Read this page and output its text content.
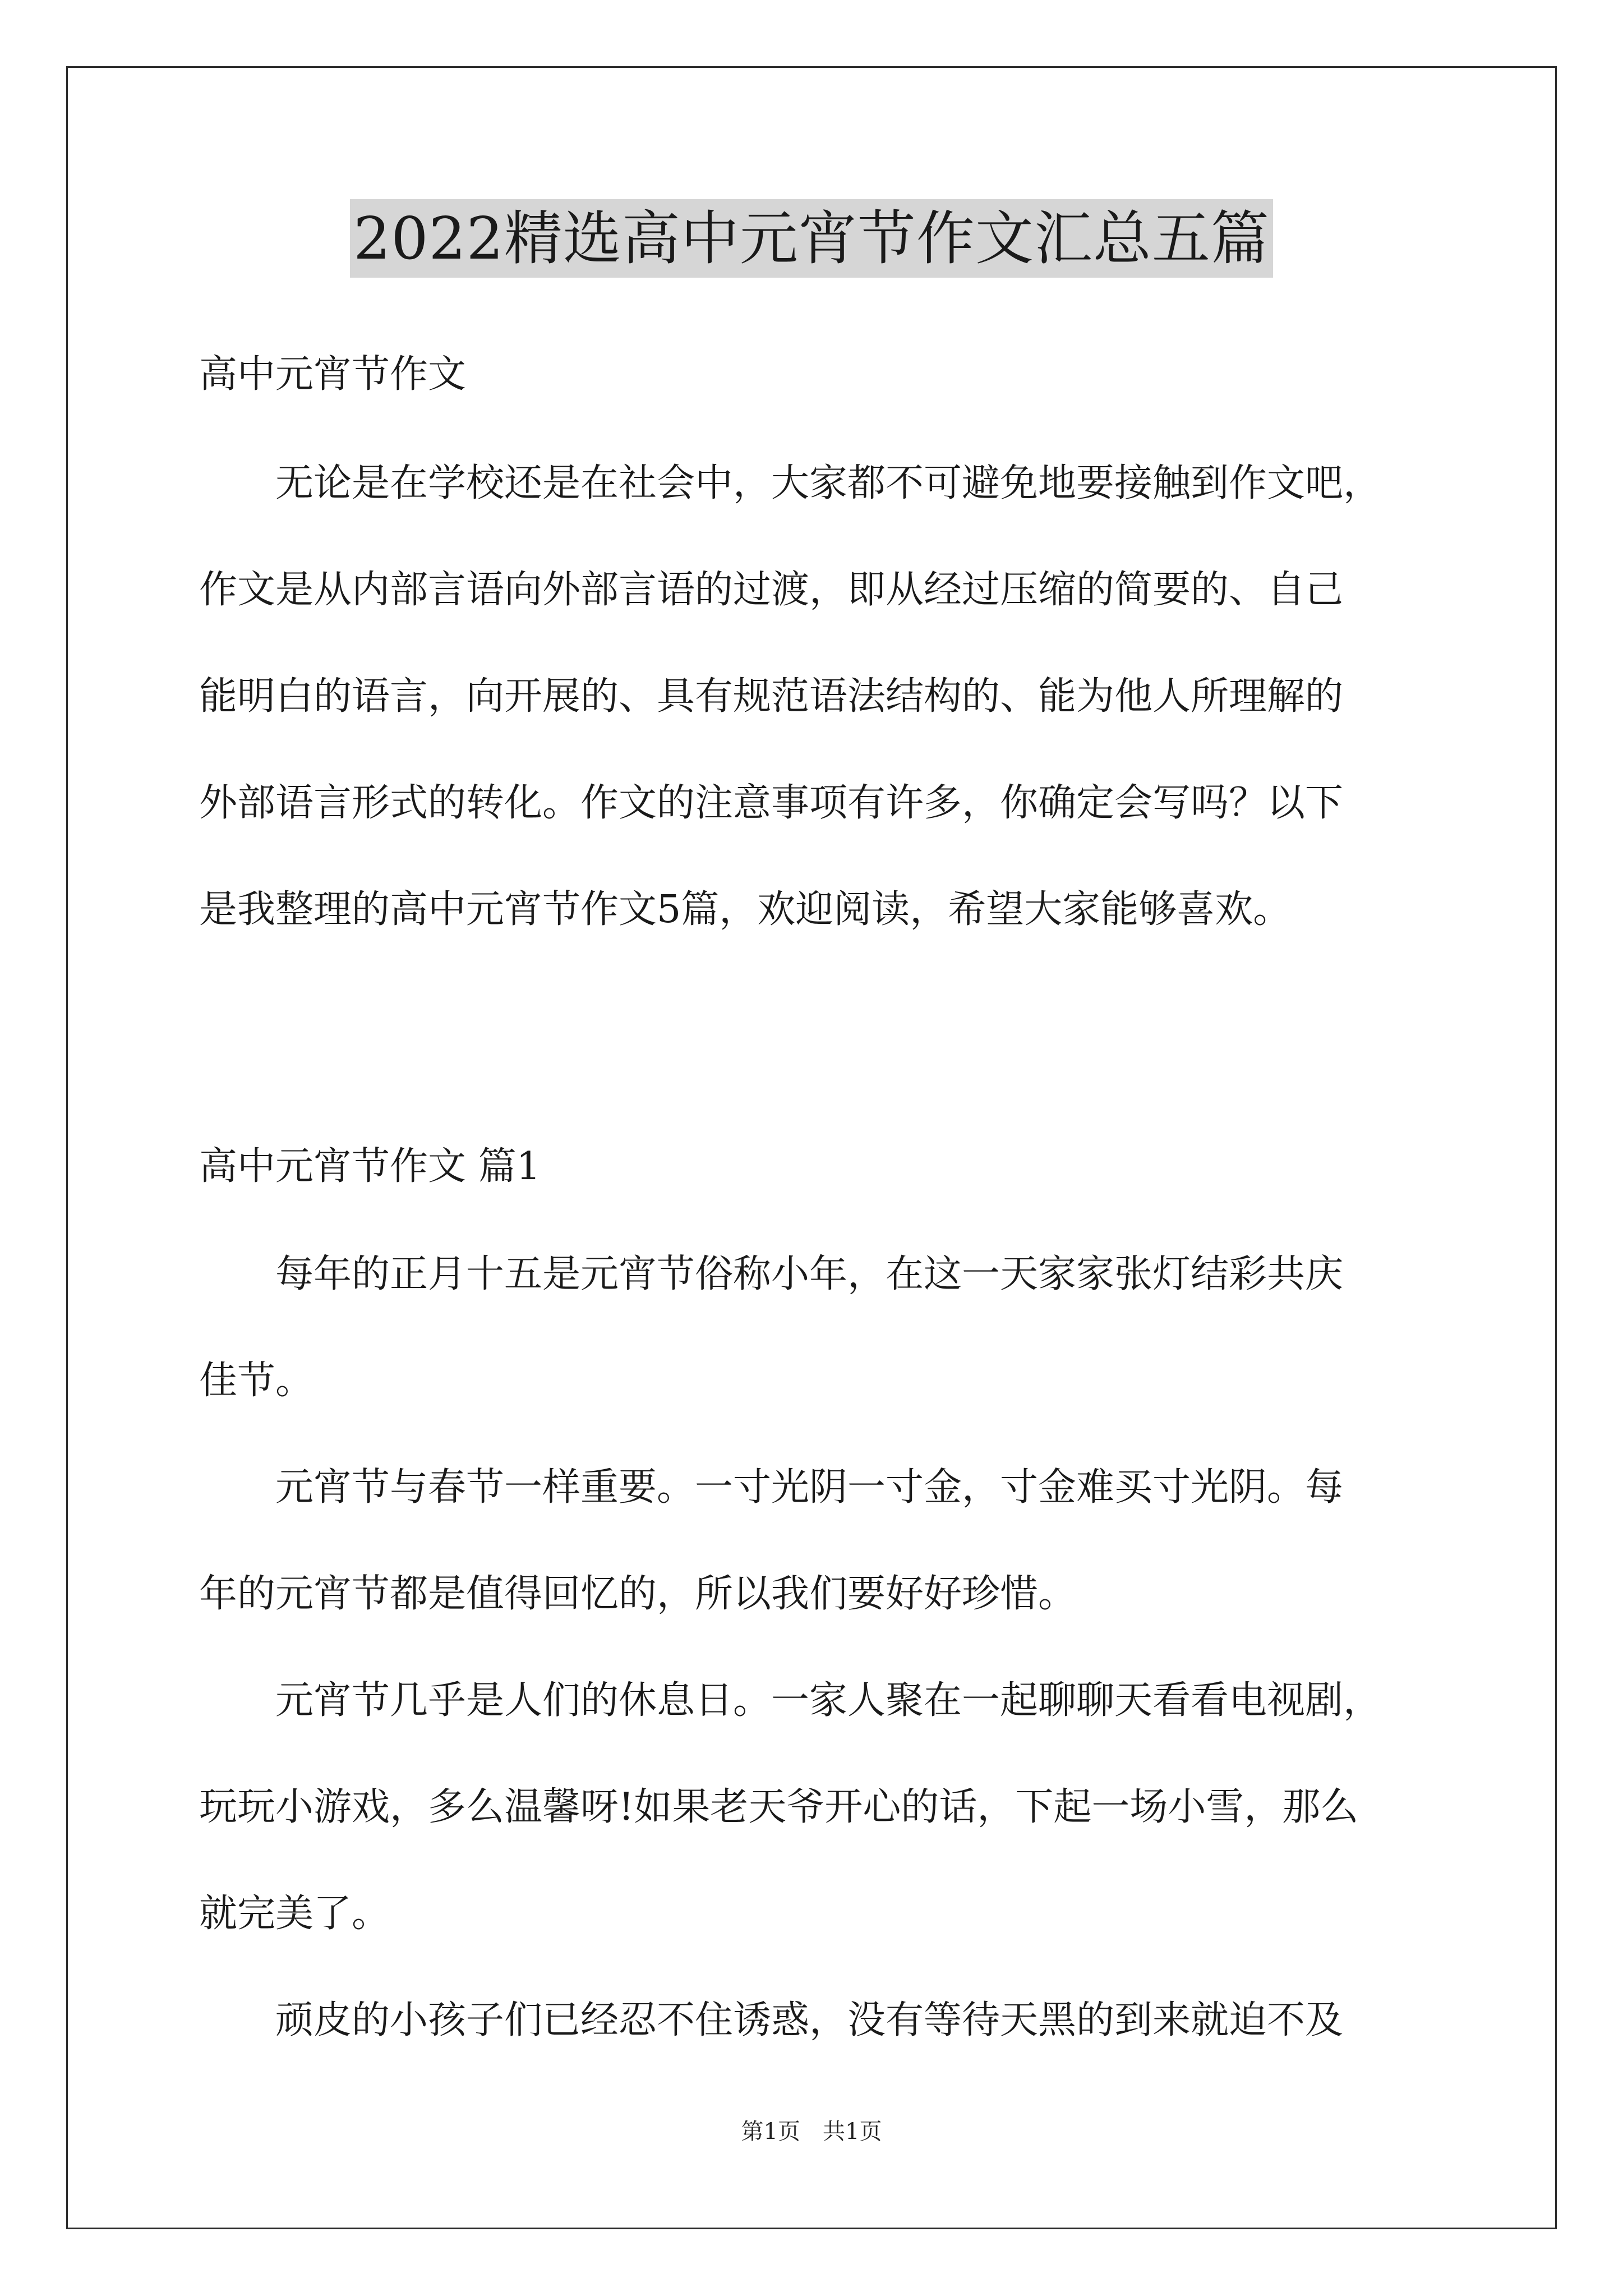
2022精选高中元宵节作文汇总五篇
高中元宵节作文
　　无论是在学校还是在社会中，大家都不可避免地要接触到作文吧，
作文是从内部言语向外部言语的过渡，即从经过压缩的简要的、自己
能明白的语言，向开展的、具有规范语法结构的、能为他人所理解的
外部语言形式的转化。作文的注意事项有许多，你确定会写吗？以下
是我整理的高中元宵节作文5篇，欢迎阅读，希望大家能够喜欢。
高中元宵节作文 篇1
　　每年的正月十五是元宵节俗称小年，在这一天家家张灯结彩共庆
佳节。
　　元宵节与春节一样重要。一寸光阴一寸金，寸金难买寸光阴。每
年的元宵节都是值得回忆的，所以我们要好好珍惜。
　　元宵节几乎是人们的休息日。一家人聚在一起聊聊天看看电视剧，
玩玩小游戏，多么温馨呀!如果老天爷开心的话，下起一场小雪，那么
就完美了。
　　顽皮的小孩子们已经忍不住诱惑，没有等待天黑的到来就迫不及
第1页　共1页
